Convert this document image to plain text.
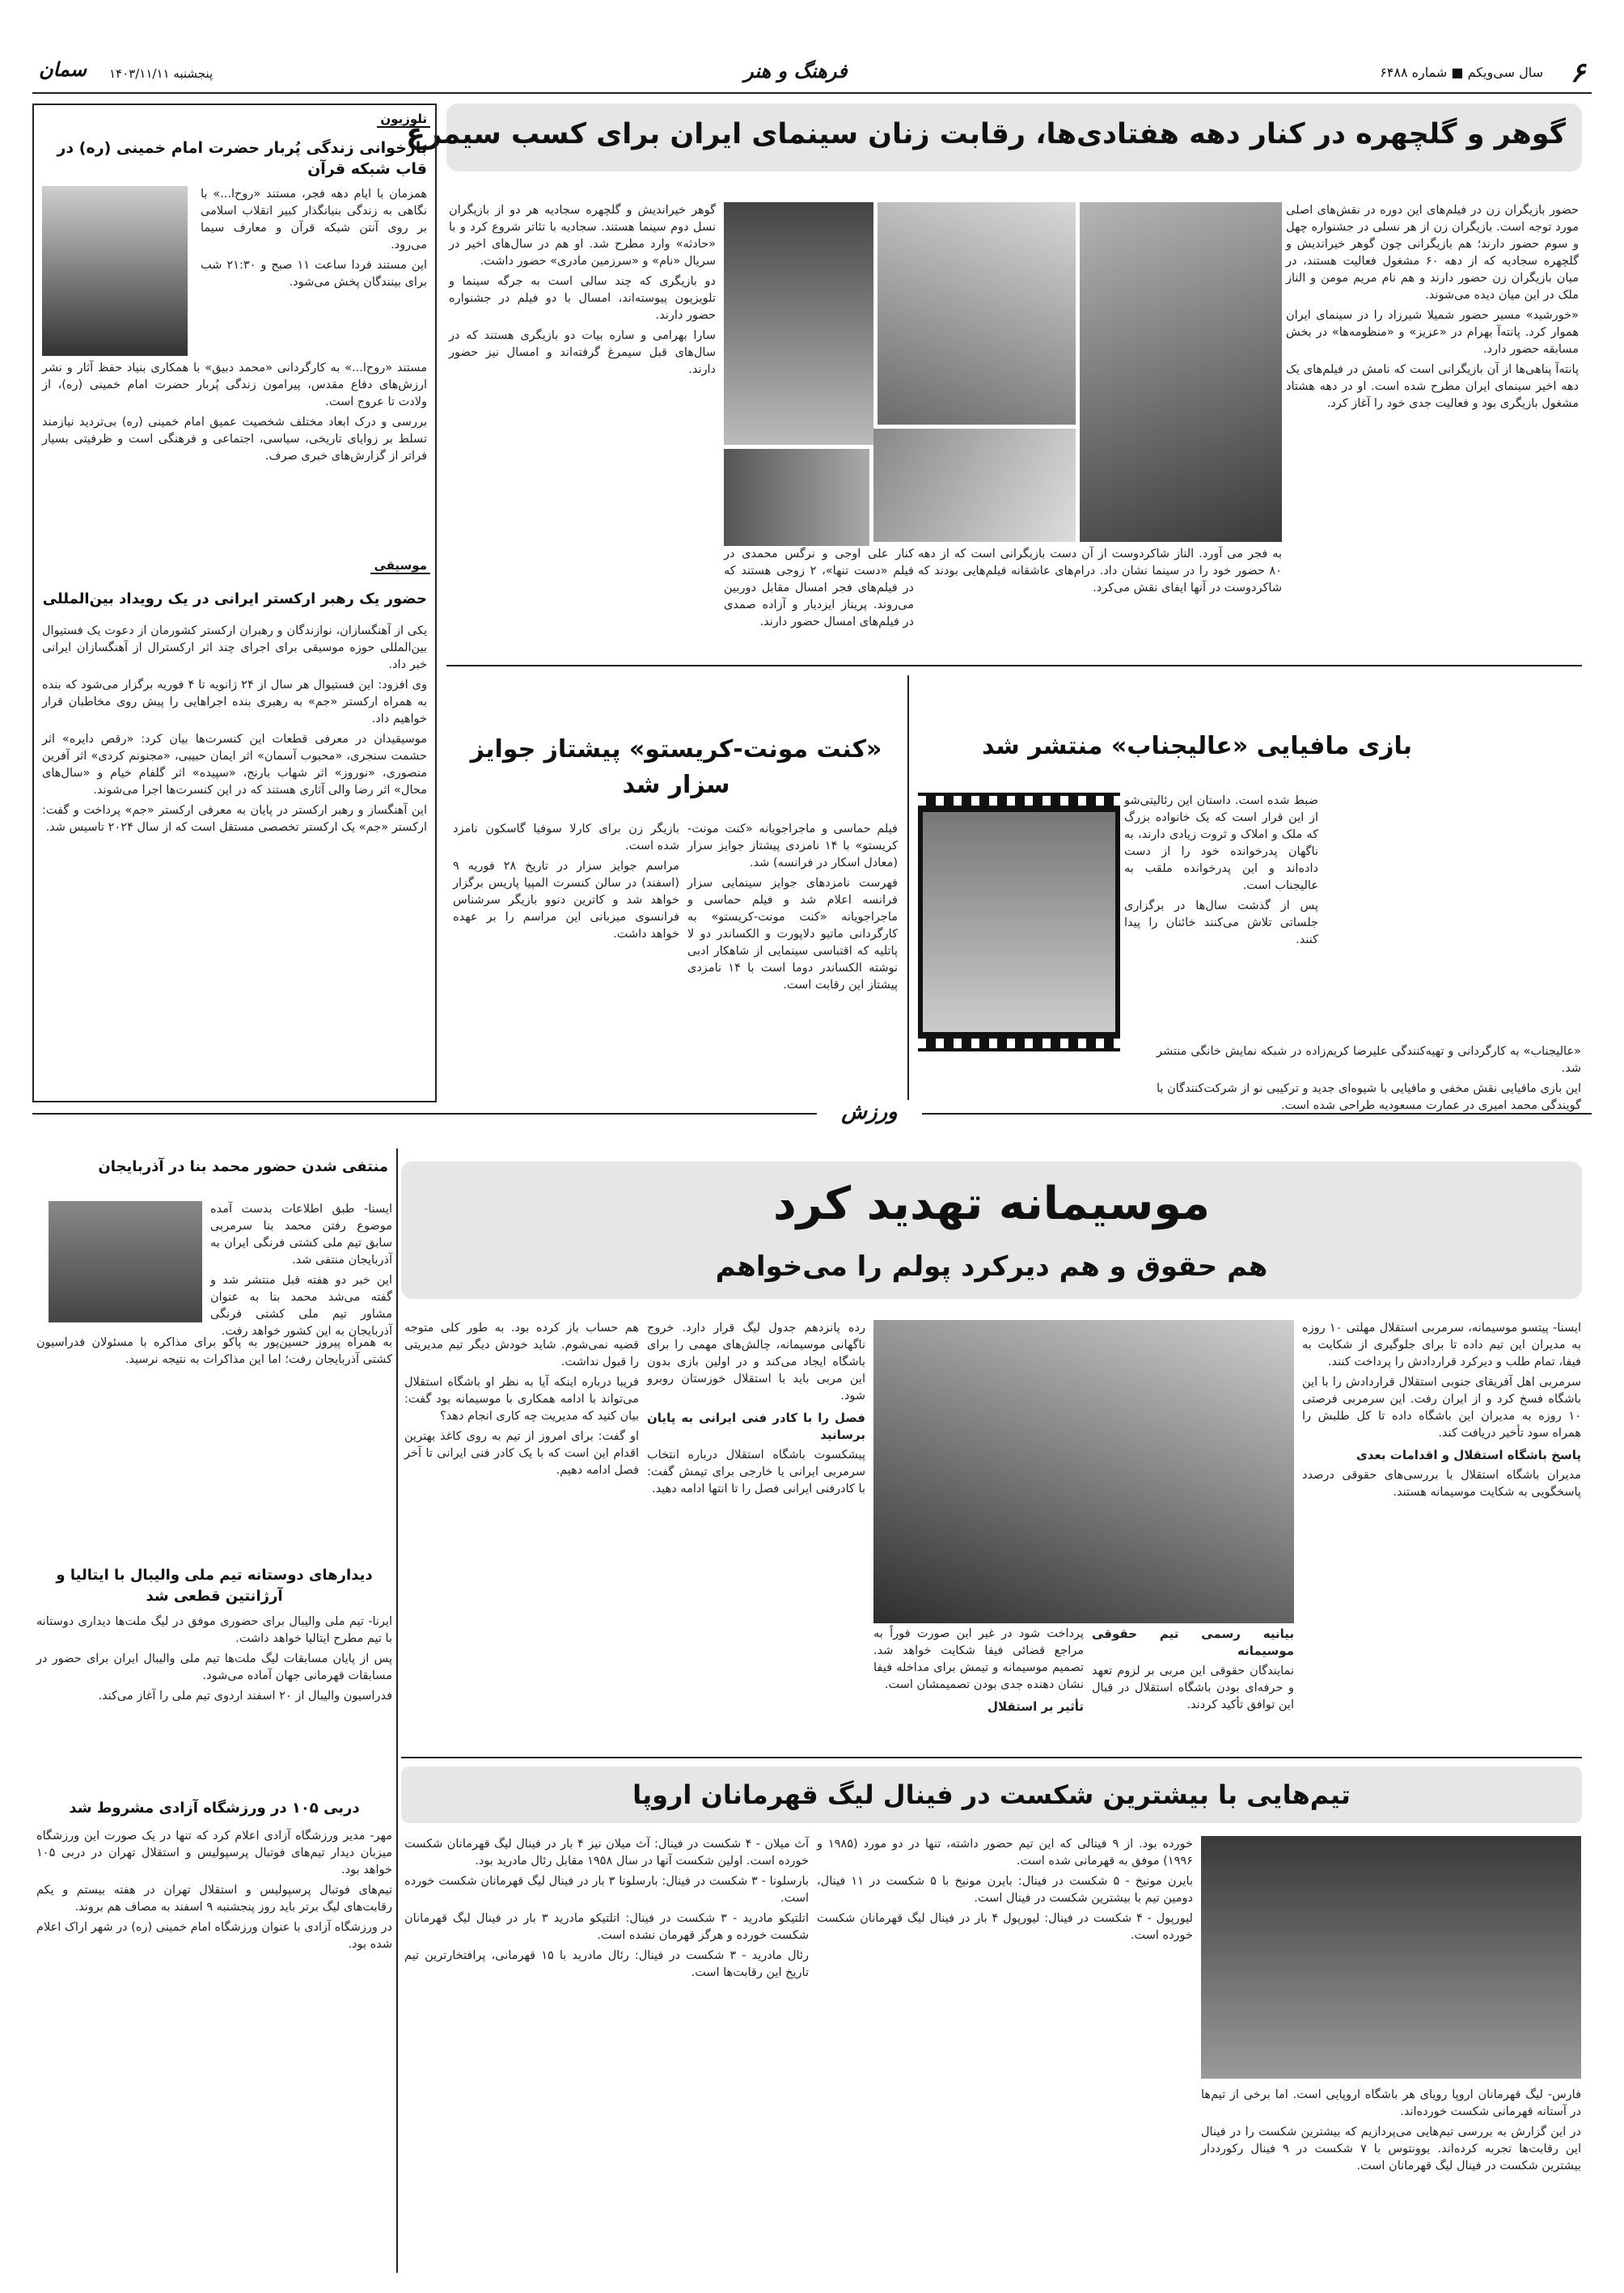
۶
سال سی‌ویکم ■ شماره ۶۴۸۸
فرهنگ و هنر
پنجشنبه ۱۴۰۳/۱۱/۱۱
سمان
گوهر و گلچهره در کنار دهه هفتادی‌ها، رقابت زنان سینمای ایران برای کسب سیمرغ

حضور بازیگران زن در فیلم‌های این دوره در نقش‌های اصلی مورد توجه است. بازیگران زن از هر نسلی در جشنواره چهل و سوم حضور دارند؛ هم بازیگرانی چون گوهر خیراندیش و گلچهره سجادیه که از دهه ۶۰ مشغول فعالیت هستند، در میان بازیگران زن حضور دارند و هم نام مریم مومن و الناز ملک در این میان دیده می‌شوند.

«خورشید» مسیر حضور شمیلا شیرزاد را در سینمای ایران هموار کرد. پانته‌آ بهرام در «عزیز» و «منظومه‌ها» در بخش مسابقه حضور دارد.

پانته‌آ پناهی‌ها از آن بازیگرانی است که نامش در فیلم‌های یک دهه اخیر سینمای ایران مطرح شده است. او در دهه هشتاد مشغول بازیگری بود و فعالیت جدی خود را آغاز کرد.

به فجر می آورد. الناز شاکردوست از آن دست بازیگرانی است که از دهه ۸۰ حضور خود را در سینما نشان داد. درام‌های عاشقانه فیلم‌هایی بودند که شاکردوست در آنها ایفای نقش می‌کرد.

کنار علی اوجی و نرگس محمدی در فیلم «دست تنها»، ۲ زوجی هستند که در فیلم‌های فجر امسال مقابل دوربین می‌روند. پریناز ایزدیار و آزاده صمدی در فیلم‌های امسال حضور دارند.

گوهر خیراندیش و گلچهره سجادیه هر دو از بازیگران نسل دوم سینما هستند. سجادیه با تئاتر شروع کرد و با «حادثه» وارد مطرح شد. او هم در سال‌های اخیر در سریال «نام» و «سرزمین مادری» حضور داشت.

دو بازیگری که چند سالی است به جرگه سینما و تلویزیون پیوسته‌اند، امسال با دو فیلم در جشنواره حضور دارند.

سارا بهرامی و ساره بیات دو بازیگری هستند که در سال‌های قبل سیمرغ گرفته‌اند و امسال نیز حضور دارند.

تلوزیون
بازخوانی زندگی پُربار حضرت امام خمینی (ره) در قاب شبکه قرآن

همزمان با ایام دهه فجر، مستند «روح‌ا...» با نگاهی به زندگی بنیانگذار کبیر انقلاب اسلامی بر روی آنتن شبکه قرآن و معارف سیما می‌رود.

این مستند فردا ساعت ۱۱ صبح و ۲۱:۳۰ شب برای بینندگان پخش می‌شود.

مستند «روح‌ا...» به کارگردانی «محمد دبیق» با همکاری بنیاد حفظ آثار و نشر ارزش‌های دفاع مقدس، پیرامون زندگی پُربار حضرت امام خمینی (ره)، از ولادت تا عروج است.

بررسی و درک ابعاد مختلف شخصیت عمیق امام خمینی (ره) بی‌تردید نیازمند تسلط بر زوایای تاریخی، سیاسی، اجتماعی و فرهنگی است و ظرفیتی بسیار فراتر از گزارش‌های خبری صرف.

موسیقی
حضور یک رهبر ارکستر ایرانی در یک رویداد بین‌المللی

یکی از آهنگسازان، نوازندگان و رهبران ارکستر کشورمان از دعوت یک فستیوال بین‌المللی حوزه موسیقی برای اجرای چند اثر ارکسترال از آهنگسازان ایرانی خبر داد.

وی افزود: این فستیوال هر سال از ۲۴ ژانویه تا ۴ فوریه برگزار می‌شود که بنده به همراه ارکستر «جم» به رهبری بنده اجراهایی را پیش روی مخاطبان قرار خواهیم داد.

موسیقیدان در معرفی قطعات این کنسرت‌ها بیان کرد: «رقص دایره» اثر حشمت سنجری، «محبوب آسمان» اثر ایمان حبیبی، «مجنونم کردی» اثر آفرین منصوری، «نوروز» اثر شهاب بارنج، «سپیده» اثر گلفام خیام و «سال‌های محال» اثر رضا والی آثاری هستند که در این کنسرت‌ها اجرا می‌شوند.

این آهنگساز و رهبر ارکستر در پایان به معرفی ارکستر «جم» پرداخت و گفت: ارکستر «جم» یک ارکستر تخصصی مستقل است که از سال ۲۰۲۴ تاسیس شد.

بازی مافیایی «عالیجناب» منتشر شد

ضبط شده است. داستان این رئالیتی‌شو از این قرار است که یک خانواده بزرگ که ملک و املاک و ثروت زیادی دارند، به ناگهان پدرخوانده خود را از دست داده‌اند و این پدرخوانده ملقب به عالیجناب است.

پس از گذشت سال‌ها در برگزاری جلساتی تلاش می‌کنند خائنان را پیدا کنند.

«عالیجناب» به کارگردانی و تهیه‌کنندگی علیرضا کریم‌زاده در شبکه نمایش خانگی منتشر شد.

این بازی مافیایی نقش مخفی و مافیایی با شیوه‌ای جدید و ترکیبی نو از شرکت‌کنندگان با گویندگی محمد امیری در عمارت مسعودیه طراحی شده است.

«کنت مونت-کریستو» پیشتاز جوایز سزار شد

فیلم حماسی و ماجراجویانه «کنت مونت-کریستو» با ۱۴ نامزدی پیشتاز جوایز سزار (معادل اسکار در فرانسه) شد.

فهرست نامزدهای جوایز سینمایی سزار فرانسه اعلام شد و فیلم حماسی و ماجراجویانه «کنت مونت-کریستو» به کارگردانی ماتیو دلاپورت و الکساندر دو لا پاتلیه که اقتباسی سینمایی از شاهکار ادبی نوشته الکساندر دوما است با ۱۴ نامزدی پیشتاز این رقابت است.

بازیگر زن برای کارلا سوفیا گاسکون نامزد شده است.

مراسم جوایز سزار در تاریخ ۲۸ فوریه ۹ (اسفند) در سالن کنسرت المپیا پاریس برگزار خواهد شد و کاترین دنوو بازیگر سرشناس فرانسوی میزبانی این مراسم را بر عهده خواهد داشت.

ورزش
موسیمانه تهدید کرد
هم حقوق و هم دیرکرد پولم را می‌خواهم

ایسنا- پیتسو موسیمانه، سرمربی استقلال مهلتی ۱۰ روزه به مدیران این تیم داده تا برای جلوگیری از شکایت به فیفا، تمام طلب و دیرکرد قراردادش را پرداخت کنند.

سرمربی اهل آفریقای جنوبی استقلال قراردادش را با این باشگاه فسخ کرد و از ایران رفت. این سرمربی فرصتی ۱۰ روزه به مدیران این باشگاه داده تا کل طلبش را همراه سود تأخیر دریافت کند.

پاسخ باشگاه استقلال و اقدامات بعدی

مدیران باشگاه استقلال با بررسی‌های حقوقی درصدد پاسخگویی به شکایت موسیمانه هستند.

بیانیه رسمی تیم حقوقی موسیمانه

نمایندگان حقوقی این مربی بر لزوم تعهد و حرفه‌ای بودن باشگاه استقلال در قبال این توافق تأکید کردند.

پرداخت شود در غیر این صورت فوراً به مراجع قضائی فیفا شکایت خواهد شد. تصمیم موسیمانه و تیمش برای مداخله فیفا نشان دهنده جدی بودن تصمیمشان است.

تأثیر بر استقلال

رده پانزدهم جدول لیگ قرار دارد. خروج ناگهانی موسیمانه، چالش‌های مهمی را برای باشگاه ایجاد می‌کند و در اولین بازی بدون این مربی باید با استقلال خوزستان روبرو شود.

فصل را با کادر فنی ایرانی به پایان برسانید

پیشکسوت باشگاه استقلال درباره انتخاب سرمربی ایرانی یا خارجی برای تیمش گفت: با کادرفنی ایرانی فصل را تا انتها ادامه دهید.

هم حساب باز کرده بود. به طور کلی متوجه قضیه نمی‌شوم. شاید خودش دیگر تیم مدیریتی را قبول نداشت.

فریبا درباره اینکه آیا به نظر او باشگاه استقلال می‌تواند با ادامه همکاری با موسیمانه بود گفت: بیان کنید که مدیریت چه کاری انجام دهد؟

او گفت: برای امروز از تیم به روی کاغذ بهترین اقدام این است که با یک کادر فنی ایرانی تا آخر فصل ادامه دهیم.

منتفی شدن حضور محمد بنا در آذربایجان

ایسنا- طبق اطلاعات بدست آمده موضوع رفتن محمد بنا سرمربی سابق تیم ملی کشتی فرنگی ایران به آذربایجان منتفی شد.

این خبر دو هفته قبل منتشر شد و گفته می‌شد محمد بنا به عنوان مشاور تیم ملی کشتی فرنگی آذربایجان به این کشور خواهد رفت.

به همراه پیروز حسین‌پور به پاکو برای مذاکره با مسئولان فدراسیون کشتی آذربایجان رفت؛ اما این مذاکرات به نتیجه نرسید.

دیدارهای دوستانه تیم ملی والیبال با ایتالیا و آرژانتین قطعی شد

ایرنا- تیم ملی والیبال برای حضوری موفق در لیگ ملت‌ها دیداری دوستانه با تیم مطرح ایتالیا خواهد داشت.

پس از پایان مسابقات لیگ ملت‌ها تیم ملی والیبال ایران برای حضور در مسابقات قهرمانی جهان آماده می‌شود.

فدراسیون والیبال از ۲۰ اسفند اردوی تیم ملی را آغاز می‌کند.

دربی ۱۰۵ در ورزشگاه آزادی مشروط شد

مهر- مدیر ورزشگاه آزادی اعلام کرد که تنها در یک صورت این ورزشگاه میزبان دیدار تیم‌های فوتبال پرسپولیس و استقلال تهران در دربی ۱۰۵ خواهد بود.

تیم‌های فوتبال پرسپولیس و استقلال تهران در هفته بیستم و یکم رقابت‌های لیگ برتر باید روز پنجشنبه ۹ اسفند به مصاف هم بروند.

در ورزشگاه آزادی با عنوان ورزشگاه امام خمینی (ره) در شهر اراک اعلام شده بود.

تیم‌هایی با بیشترین شکست در فینال لیگ قهرمانان اروپا

فارس- لیگ قهرمانان اروپا رویای هر باشگاه اروپایی است. اما برخی از تیم‌ها در آستانه قهرمانی شکست خورده‌اند.

در این گزارش به بررسی تیم‌هایی می‌پردازیم که بیشترین شکست را در فینال این رقابت‌ها تجربه کرده‌اند. یوونتوس با ۷ شکست در ۹ فینال رکورددار بیشترین شکست در فینال لیگ قهرمانان است.

خورده بود. از ۹ فینالی که این تیم حضور داشته، تنها در دو مورد (۱۹۸۵ و ۱۹۹۶) موفق به قهرمانی شده است.

بایرن مونیخ - ۵ شکست در فینال: بایرن مونیخ با ۵ شکست در ۱۱ فینال، دومین تیم با بیشترین شکست در فینال است.

لیورپول - ۴ شکست در فینال: لیورپول ۴ بار در فینال لیگ قهرمانان شکست خورده است.

آث میلان - ۴ شکست در فینال: آث میلان نیز ۴ بار در فینال لیگ قهرمانان شکست خورده است. اولین شکست آنها در سال ۱۹۵۸ مقابل رئال مادرید بود.

بارسلونا - ۳ شکست در فینال: بارسلونا ۳ بار در فینال لیگ قهرمانان شکست خورده است.

اتلتیکو مادرید - ۳ شکست در فینال: اتلتیکو مادرید ۳ بار در فینال لیگ قهرمانان شکست خورده و هرگز قهرمان نشده است.

رئال مادرید - ۳ شکست در فینال: رئال مادرید با ۱۵ قهرمانی، پرافتخارترین تیم تاریخ این رقابت‌ها است.
